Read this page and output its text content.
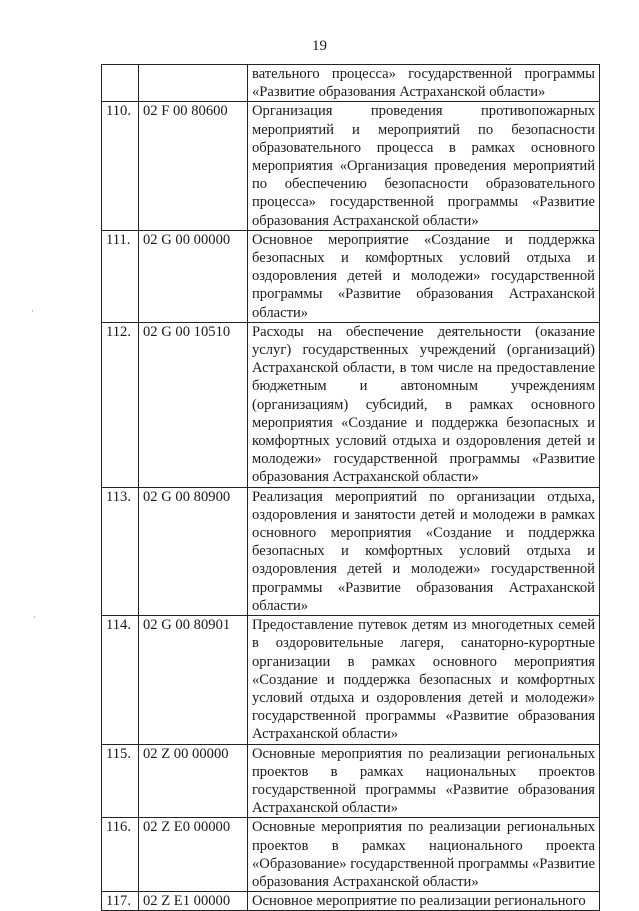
19
·
·
		вательного процесса» государственной программы «Развитие образования Астраханской области»
110.	02 F 00 80600	Организация проведения противопожарных мероприятий и мероприятий по безопасности образовательного процесса в рамках основного мероприятия «Организация проведения мероприятий по обеспечению безопасности образовательного процесса» государственной программы «Развитие образования Астраханской области»
111.	02 G 00 00000	Основное мероприятие «Создание и поддержка безопасных и комфортных условий отдыха и оздоровления детей и молодежи» государственной программы «Развитие образования Астраханской области»
112.	02 G 00 10510	Расходы на обеспечение деятельности (оказание услуг) государственных учреждений (организаций) Астраханской области, в том числе на предоставление бюджетным и автономным учреждениям (организациям) субсидий, в рамках основного мероприятия «Создание и поддержка безопасных и комфортных условий отдыха и оздоровления детей и молодежи» государственной программы «Развитие образования Астраханской области»
113.	02 G 00 80900	Реализация мероприятий по организации отдыха, оздоровления и занятости детей и молодежи в рамках основного мероприятия «Создание и поддержка безопасных и комфортных условий отдыха и оздоровления детей и молодежи» государственной программы «Развитие образования Астраханской области»
114.	02 G 00 80901	Предоставление путевок детям из многодетных семей в оздоровительные лагеря, санаторно-курортные организации в рамках основного мероприятия «Создание и поддержка безопасных и комфортных условий отдыха и оздоровления детей и молодежи» государственной программы «Развитие образования Астраханской области»
115.	02 Z 00 00000	Основные мероприятия по реализации региональных проектов в рамках национальных проектов государственной программы «Развитие образования Астраханской области»
116.	02 Z E0 00000	Основные мероприятия по реализации региональных проектов в рамках национального проекта «Образование» государственной программы «Развитие образования Астраханской области»
117.	02 Z E1 00000	Основное мероприятие по реализации регионального
